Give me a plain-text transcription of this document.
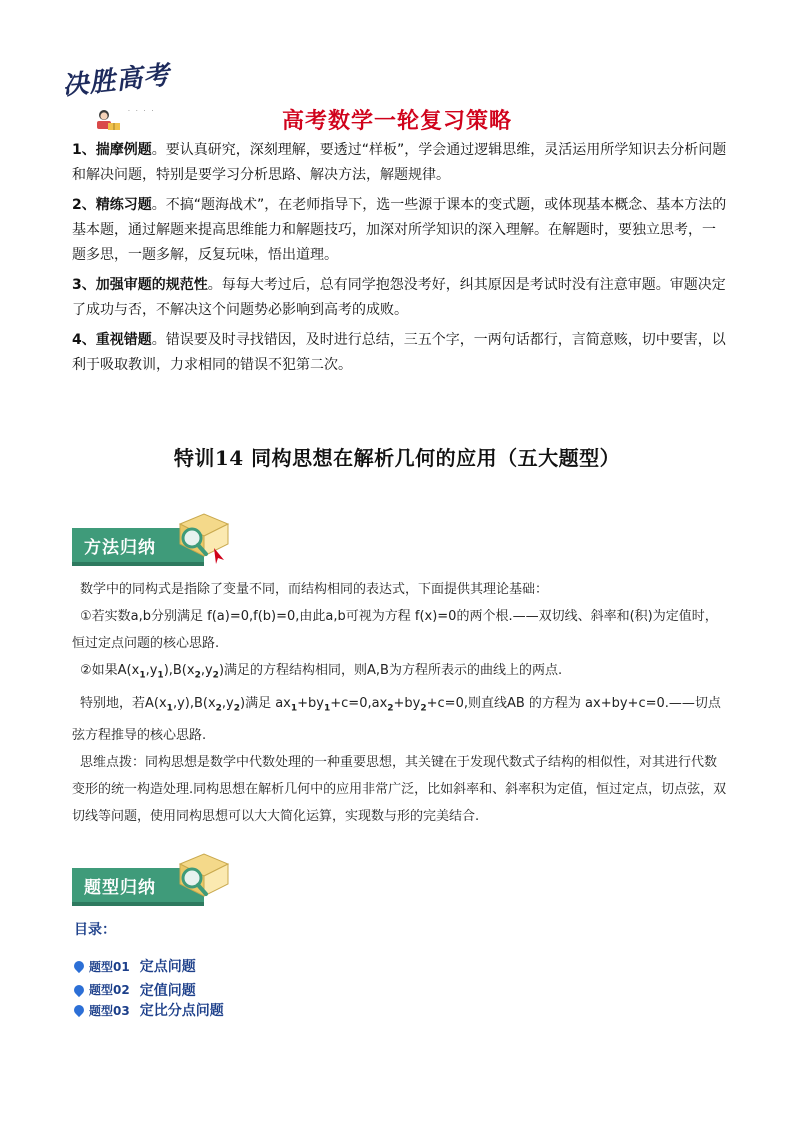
决胜高考
· · · ·	高考数学一轮复习策略

1、揣摩例题。要认真研究，深刻理解，要透过“样板”，学会通过逻辑思维，灵活运用所学知识去分析问题和解决问题，特别是要学习分析思路、解决方法，解题规律。

2、精练习题。不搞“题海战术”，在老师指导下，选一些源于课本的变式题，或体现基本概念、基本方法的基本题，通过解题来提高思维能力和解题技巧，加深对所学知识的深入理解。在解题时，要独立思考，一题多思，一题多解，反复玩味，悟出道理。

3、加强审题的规范性。每每大考过后，总有同学抱怨没考好，纠其原因是考试时没有注意审题。审题决定了成功与否，不解决这个问题势必影响到高考的成败。

4、重视错题。错误要及时寻找错因，及时进行总结，三五个字，一两句话都行，言简意赅，切中要害，以利于吸取教训，力求相同的错误不犯第二次。

特训14 同构思想在解析几何的应用（五大题型）
方法归纳

数学中的同构式是指除了变量不同，而结构相同的表达式，下面提供其理论基础：

①若实数a,b分别满足 f(a)=0,f(b)=0,由此a,b可视为方程 f(x)=0的两个根.——双切线、斜率和(积)为定值时，恒过定点问题的核心思路.

②如果$A(x_1,y_1),B(x_2,y_2)$满足的方程结构相同，则A,B为方程所表示的曲线上的两点.

特别地，若$A(x_1,y),B(x_2,y_2)$满足 $ax_1+by_1+c=0,ax_2+by_2+c=0$,则直线AB 的方程为 ax+by+c=0.——切点弦方程推导的核心思路.

思维点拨：同构思想是数学中代数处理的一种重要思想，其关键在于发现代数式子结构的相似性，对其进行代数变形的统一构造处理.同构思想在解析几何中的应用非常广泛，比如斜率和、斜率积为定值，恒过定点，切点弦，双切线等问题，使用同构思想可以大大简化运算，实现数与形的完美结合.

题型归纳
目录：
题型01 定点问题
题型02 定值问题
题型03 定比分点问题
